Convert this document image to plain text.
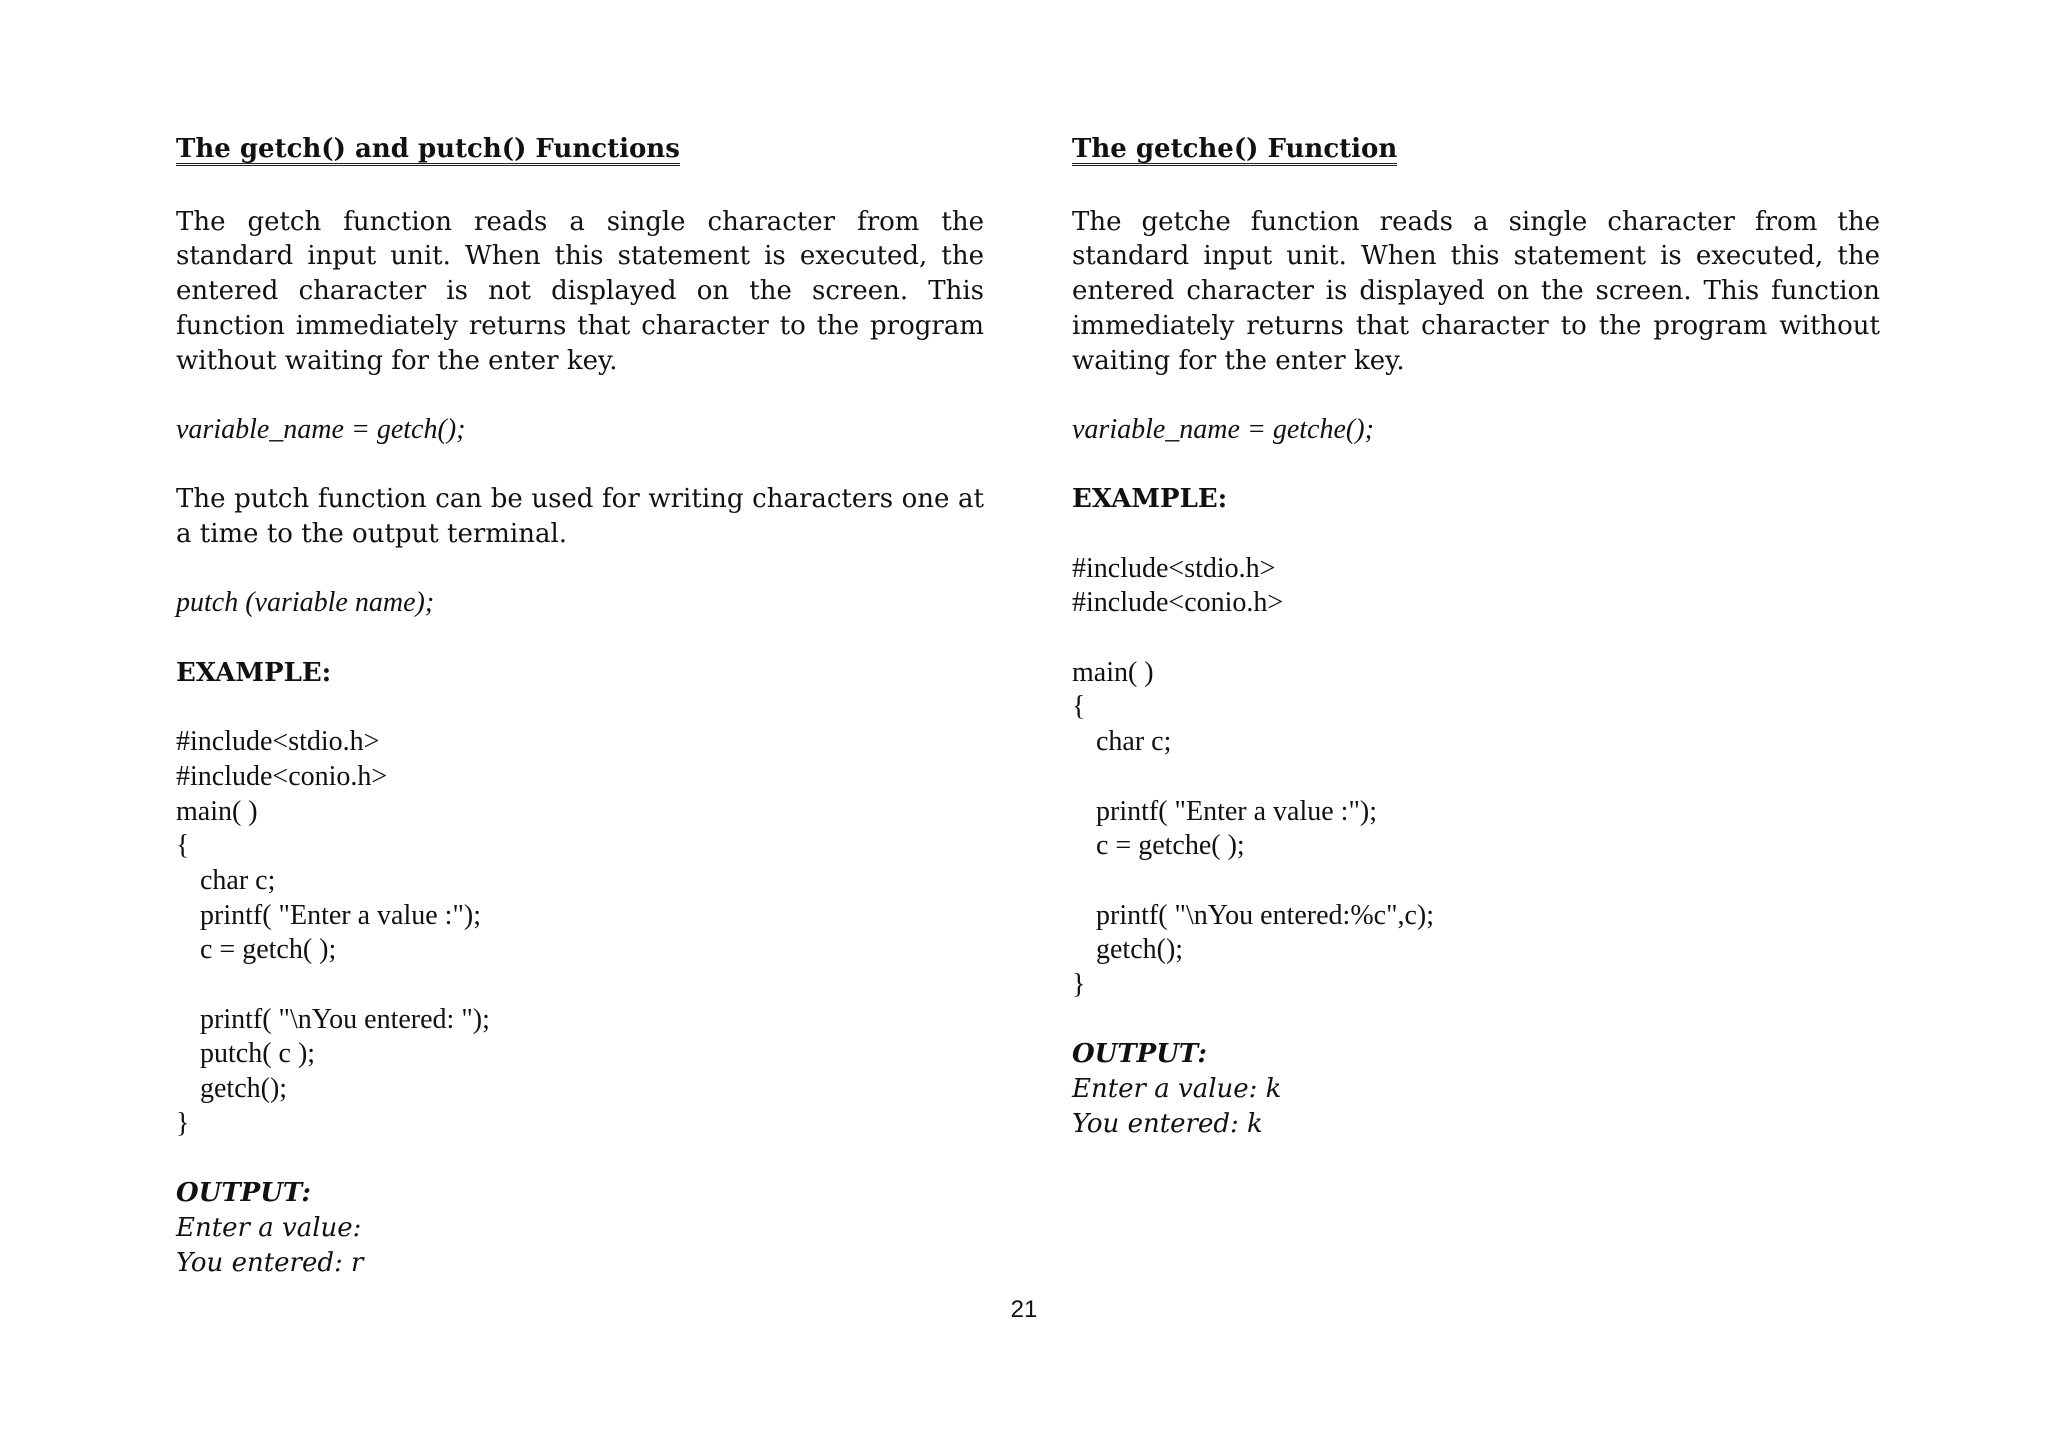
The getch() and putch() Functions

The getch function reads a single character from the standard input unit. When this statement is executed, the entered character is not displayed on the screen. This function immediately returns that character to the program without waiting for the enter key.

variable_name = getch();

The putch function can be used for writing characters one at a time to the output terminal.

putch (variable name);

EXAMPLE:

#include<stdio.h>
#include<conio.h>
main( )
{
char c;
printf( "Enter a value :");
c = getch( );
printf( "\nYou entered: ");
putch( c );
getch();
}

OUTPUT:

Enter a value:

You entered: r

The getche() Function

The getche function reads a single character from the standard input unit. When this statement is executed, the entered character is displayed on the screen. This function immediately returns that character to the program without waiting for the enter key.

variable_name = getche();

EXAMPLE:

#include<stdio.h>
#include<conio.h>
main( )
{
char c;
printf( "Enter a value :");
c = getche( );
printf( "\nYou entered:%c",c);
getch();
}

OUTPUT:

Enter a value: k

You entered: k

21
